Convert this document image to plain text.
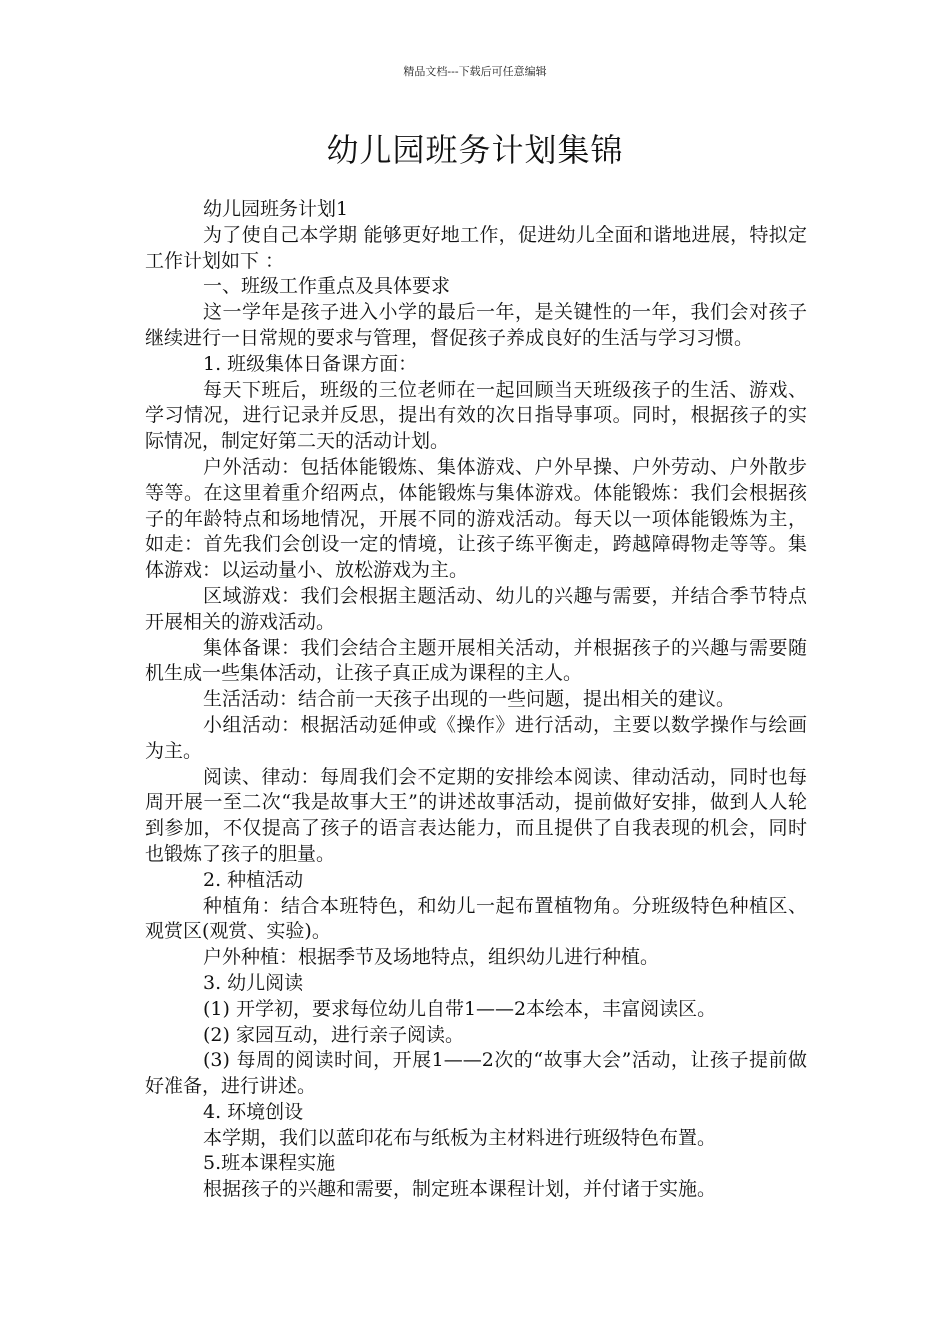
精品文档---下载后可任意编辑
幼儿园班务计划集锦

幼儿园班务计划1

为了使自己本学期 能够更好地工作，促进幼儿全面和谐地进展，特拟定工作计划如下 ：

一、班级工作重点及具体要求

这一学年是孩子进入小学的最后一年，是关键性的一年，我们会对孩子继续进行一日常规的要求与管理，督促孩子养成良好的生活与学习习惯。

1. 班级集体日备课方面：

每天下班后，班级的三位老师在一起回顾当天班级孩子的生活、游戏、学习情况，进行记录并反思，提出有效的次日指导事项。同时，根据孩子的实际情况，制定好第二天的活动计划。

户外活动：包括体能锻炼、集体游戏、户外早操、户外劳动、户外散步等等。在这里着重介绍两点，体能锻炼与集体游戏。体能锻炼：我们会根据孩子的年龄特点和场地情况，开展不同的游戏活动。每天以一项体能锻炼为主，如走：首先我们会创设一定的情境，让孩子练平衡走，跨越障碍物走等等。集体游戏：以运动量小、放松游戏为主。

区域游戏：我们会根据主题活动、幼儿的兴趣与需要，并结合季节特点开展相关的游戏活动。

集体备课：我们会结合主题开展相关活动，并根据孩子的兴趣与需要随机生成一些集体活动，让孩子真正成为课程的主人。

生活活动：结合前一天孩子出现的一些问题，提出相关的建议。

小组活动：根据活动延伸或《操作》进行活动，主要以数学操作与绘画为主。

阅读、律动：每周我们会不定期的安排绘本阅读、律动活动，同时也每周开展一至二次“我是故事大王”的讲述故事活动，提前做好安排，做到人人轮到参加，不仅提高了孩子的语言表达能力，而且提供了自我表现的机会，同时也锻炼了孩子的胆量。

2. 种植活动

种植角：结合本班特色，和幼儿一起布置植物角。分班级特色种植区、观赏区(观赏、实验)。

户外种植：根据季节及场地特点，组织幼儿进行种植。

3. 幼儿阅读

(1) 开学初，要求每位幼儿自带1——2本绘本，丰富阅读区。

(2) 家园互动，进行亲子阅读。

(3) 每周的阅读时间，开展1——2次的“故事大会”活动，让孩子提前做好准备，进行讲述。

4. 环境创设

本学期，我们以蓝印花布与纸板为主材料进行班级特色布置。

5.班本课程实施

根据孩子的兴趣和需要，制定班本课程计划，并付诸于实施。
